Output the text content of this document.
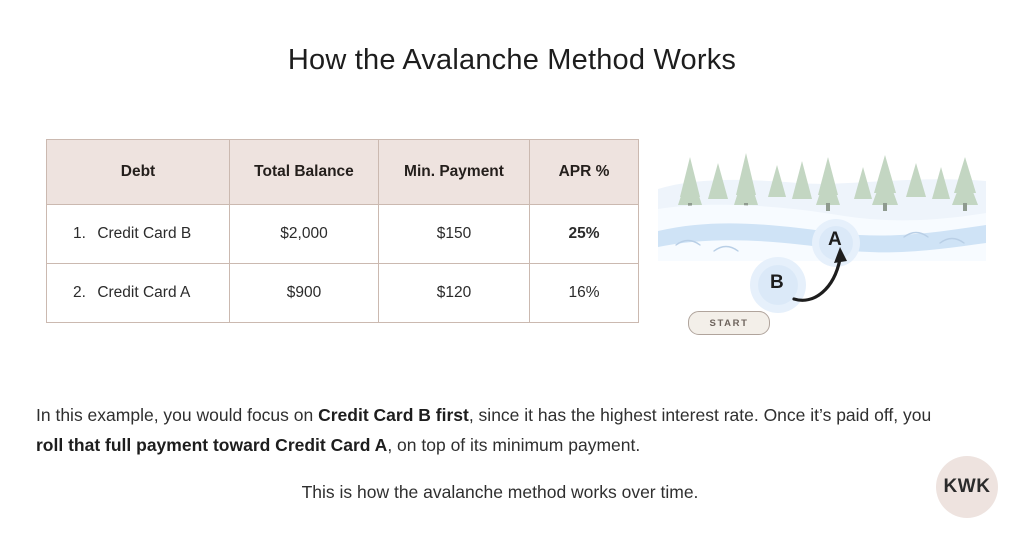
How the Avalanche Method Works
Debt	Total Balance	Min. Payment	APR %
1. Credit Card B	$2,000	$150	25%
2. Credit Card A	$900	$120	16%	B
A
START
In this example, you would focus on Credit Card B first, since it has the highest interest rate. Once it’s paid off, you roll that full payment toward Credit Card A, on top of its minimum payment.
This is how the avalanche method works over time.	KWK
